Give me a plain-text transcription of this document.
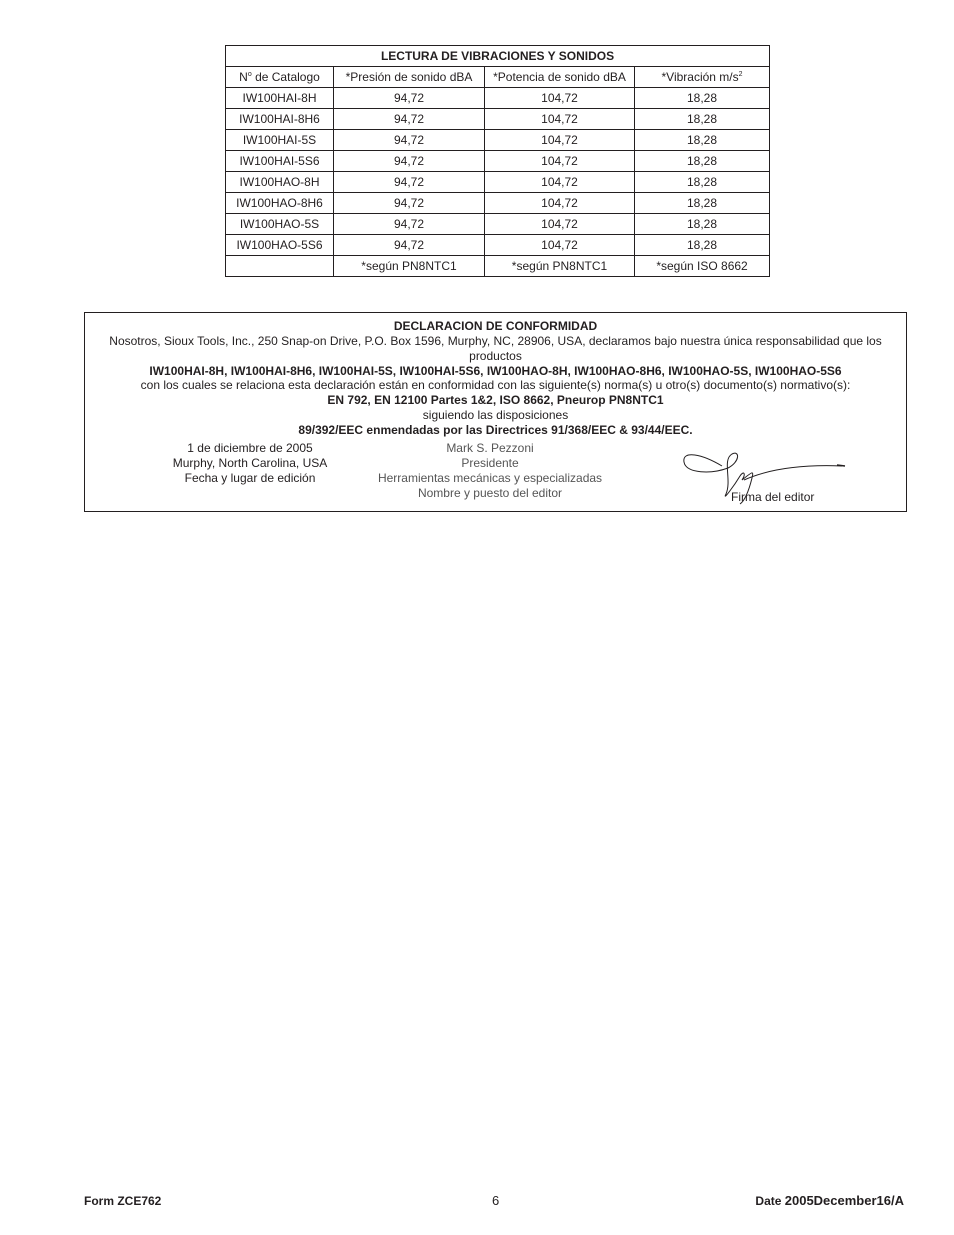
LECTURA DE VIBRACIONES Y SONIDOS			
$N^o$ de Catalogo	*Presión de sonido dBA	*Potencia de sonido dBA	*Vibración $m/s^2$
IW100HAI-8H	94,72	104,72	18,28
IW100HAI-8H6	94,72	104,72	18,28
IW100HAI-5S	94,72	104,72	18,28
IW100HAI-5S6	94,72	104,72	18,28
IW100HAO-8H	94,72	104,72	18,28
IW100HAO-8H6	94,72	104,72	18,28
IW100HAO-5S	94,72	104,72	18,28
IW100HAO-5S6	94,72	104,72	18,28
	*según PN8NTC1	*según PN8NTC1	*según ISO 8662
DECLARACION DE CONFORMIDAD
Nosotros, Sioux Tools, Inc., 250 Snap-on Drive, P.O. Box 1596, Murphy, NC, 28906, USA, declaramos bajo nuestra única responsabilidad que los
productos
IW100HAI-8H, IW100HAI-8H6, IW100HAI-5S, IW100HAI-5S6, IW100HAO-8H, IW100HAO-8H6, IW100HAO-5S, IW100HAO-5S6
con los cuales se relaciona esta declaración están en conformidad con las siguiente(s) norma(s) u otro(s) documento(s) normativo(s):
EN 792, EN 12100 Partes 1&2, ISO 8662, Pneurop PN8NTC1
siguiendo las disposiciones
89/392/EEC enmendadas por las Directrices 91/368/EEC & 93/44/EEC.
1 de diciembre de 2005
Murphy, North Carolina, USA
Fecha y lugar de edición
Mark S. Pezzoni
Presidente
Herramientas mecánicas y especializadas
Nombre y puesto del editor	Firma del editor
Form ZCE762	6	Date 2005December16/A
